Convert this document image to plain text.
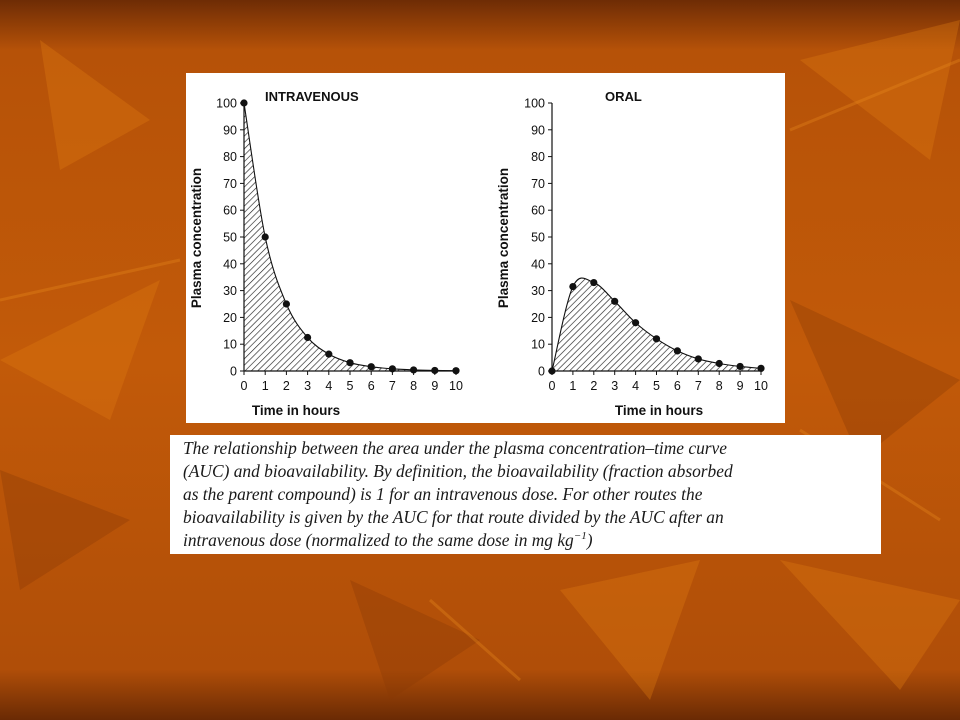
INTRAVENOUS
Time in hours
Plasma concentration
0
10
20
30
40
50
60
70
80
90
100
0 1 2 3 4 5 6 7 8 9 10
ORAL
Time in hours
Plasma concentration
0
10
20
30
40
50
60
70
80
90
100
0 1 2 3 4 5 6 7 8 9 10

The relationship between the area under the plasma concentration–time curve
(AUC) and bioavailability. By definition, the bioavailability (fraction absorbed
as the parent compound) is 1 for an intravenous dose. For other routes the
bioavailability is given by the AUC for that route divided by the AUC after an
intravenous dose (normalized to the same dose in mg $kg^{-1}$)
